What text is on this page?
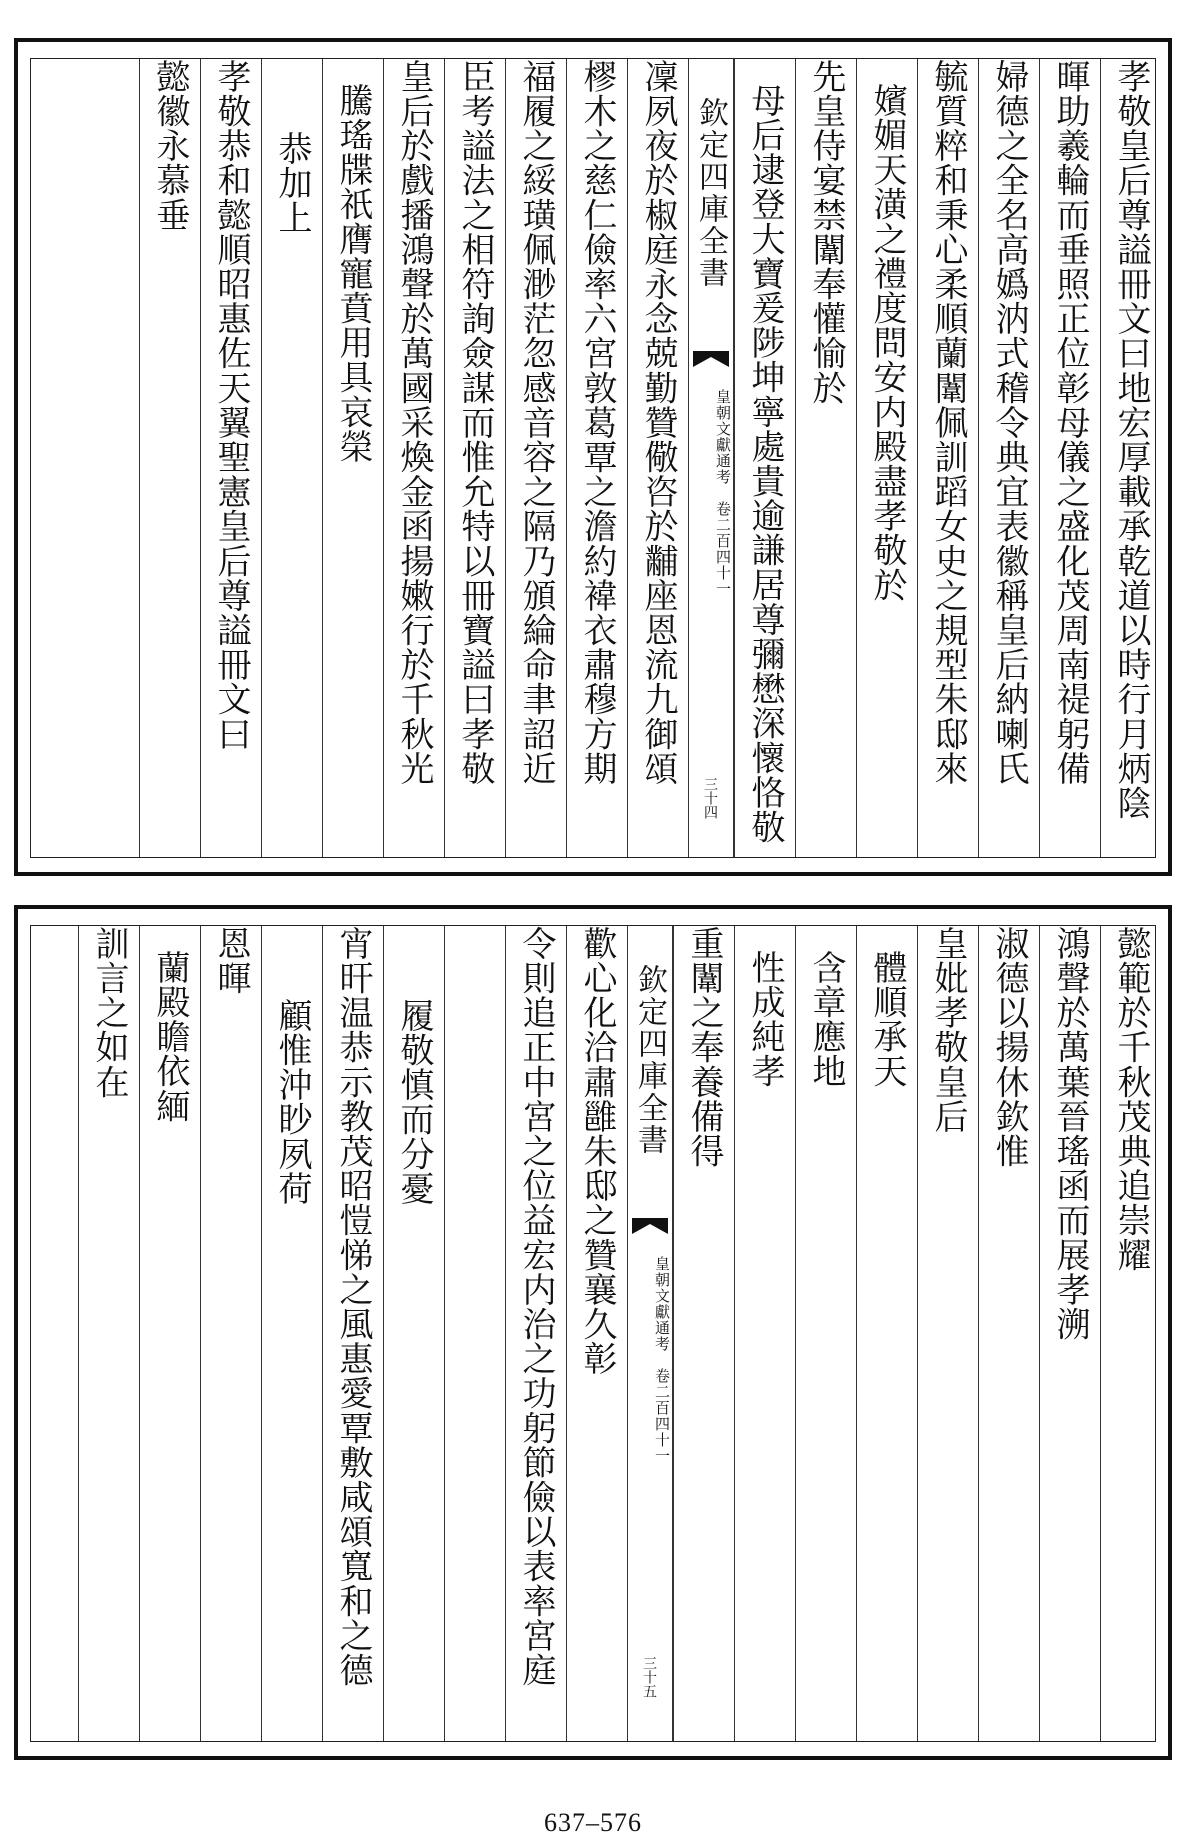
孝敬皇后尊謚冊文曰地宏厚載承乾道以時行月炳陰
暉助羲輪而垂照正位彰母儀之盛化茂周南禔躬備
婦德之全名高嬀汭式稽令典宜表徽稱皇后納喇氏
毓質粹和秉心柔順蘭闈佩訓蹈女史之規型朱邸來
嬪媚天潢之禮度問安内殿盡孝敬於
先皇侍宴禁闈奉懽愉於
母后逮登大寶爰陟坤寧處貴逾謙居尊彌懋深懷恪敬
欽定四庫全書
皇朝文獻通考　卷二百四十一
三十四
凜夙夜於椒庭永念兢勤贊儆咨於黼座恩流九御頌
樛木之慈仁儉率六宮敦葛覃之澹約褘衣肅穆方期
福履之綏璜佩渺茫忽感音容之隔乃頒綸命聿詔近
臣考謚法之相符詢僉謀而惟允特以冊寶謚曰孝敬
皇后於戲播鴻聲於萬國采煥金函揚嫩行於千秋光
騰瑤牒祇膺寵賁用具哀榮
恭加上
孝敬恭和懿順昭惠佐天翼聖憲皇后尊謚冊文曰
懿徽永慕垂
懿範於千秋茂典追崇耀
鴻聲於萬葉晉瑤函而展孝溯
淑德以揚休欽惟
皇妣孝敬皇后
體順承天
含章應地
性成純孝
重闈之奉養備得
欽定四庫全書
皇朝文獻通考　卷二百四十一
三十五
歡心化洽肅雝朱邸之贊襄久彰
令則追正中宮之位益宏内治之功躬節儉以表率宮庭
履敬慎而分憂
宵旰温恭示教茂昭愷悌之風惠愛覃敷咸頌寬和之德
顧惟沖眇夙荷
恩暉
蘭殿瞻依緬
訓言之如在
637–576
